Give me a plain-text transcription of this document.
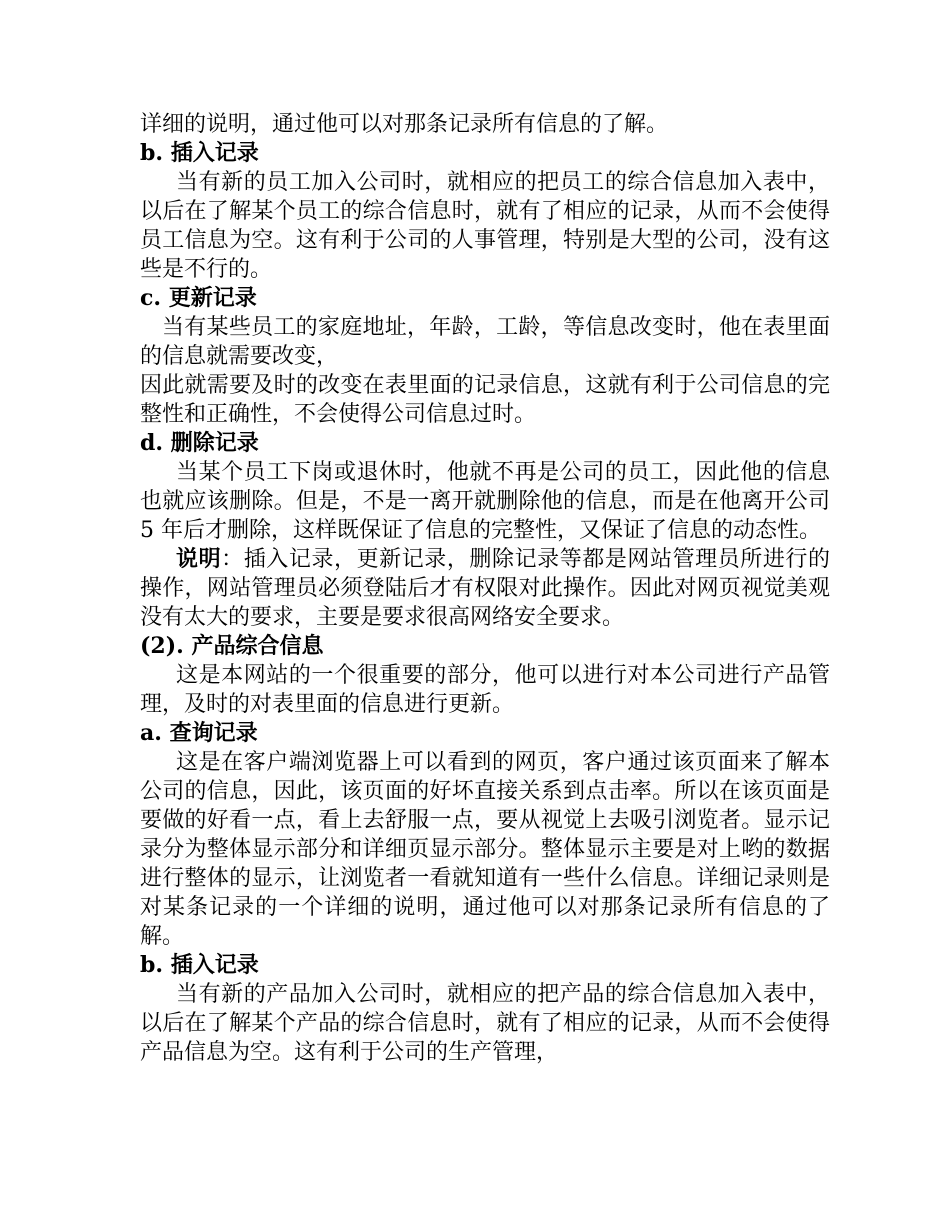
详细的说明，通过他可以对那条记录所有信息的了解。

b. 插入记录

当有新的员工加入公司时，就相应的把员工的综合信息加入表中，以后在了解某个员工的综合信息时，就有了相应的记录，从而不会使得员工信息为空。这有利于公司的人事管理，特别是大型的公司，没有这些是不行的。

c. 更新记录

当有某些员工的家庭地址，年龄，工龄，等信息改变时，他在表里面的信息就需要改变，

因此就需要及时的改变在表里面的记录信息，这就有利于公司信息的完整性和正确性，不会使得公司信息过时。

d. 删除记录

当某个员工下岗或退休时，他就不再是公司的员工，因此他的信息也就应该删除。但是，不是一离开就删除他的信息，而是在他离开公司 5 年后才删除，这样既保证了信息的完整性，又保证了信息的动态性。

说明：插入记录，更新记录，删除记录等都是网站管理员所进行的操作，网站管理员必须登陆后才有权限对此操作。因此对网页视觉美观没有太大的要求，主要是要求很高网络安全要求。

(2). 产品综合信息

这是本网站的一个很重要的部分，他可以进行对本公司进行产品管理，及时的对表里面的信息进行更新。

a. 查询记录

这是在客户端浏览器上可以看到的网页，客户通过该页面来了解本公司的信息，因此，该页面的好坏直接关系到点击率。所以在该页面是要做的好看一点，看上去舒服一点，要从视觉上去吸引浏览者。显示记录分为整体显示部分和详细页显示部分。整体显示主要是对上哟的数据进行整体的显示，让浏览者一看就知道有一些什么信息。详细记录则是对某条记录的一个详细的说明，通过他可以对那条记录所有信息的了解。

b. 插入记录

当有新的产品加入公司时，就相应的把产品的综合信息加入表中，以后在了解某个产品的综合信息时，就有了相应的记录，从而不会使得产品信息为空。这有利于公司的生产管理，
